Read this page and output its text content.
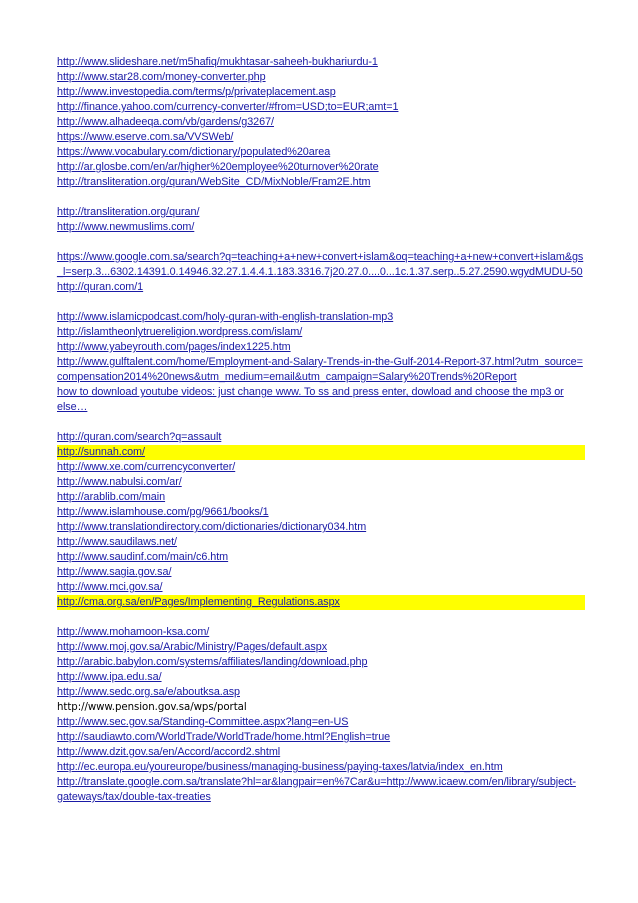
http://www.slideshare.net/m5hafiq/mukhtasar-saheeh-bukhariurdu-1
http://www.star28.com/money-converter.php
http://www.investopedia.com/terms/p/privateplacement.asp
http://finance.yahoo.com/currency-converter/#from=USD;to=EUR;amt=1
http://www.alhadeeqa.com/vb/gardens/g3267/
https://www.eserve.com.sa/VVSWeb/
https://www.vocabulary.com/dictionary/populated%20area
http://ar.glosbe.com/en/ar/higher%20employee%20turnover%20rate
http://transliteration.org/quran/WebSite_CD/MixNoble/Fram2E.htm
http://transliteration.org/quran/
http://www.newmuslims.com/
https://www.google.com.sa/search?q=teaching+a+new+convert+islam&oq=teaching+a+new+convert+islam&gs_l=serp.3...6302.14391.0.14946.32.27.1.4.4.1.183.3316.7j20.27.0....0...1c.1.37.serp..5.27.2590.wgydMUDU-50
http://quran.com/1
http://www.islamicpodcast.com/holy-quran-with-english-translation-mp3
http://islamtheonlytruereligion.wordpress.com/islam/
http://www.yabeyrouth.com/pages/index1225.htm
http://www.gulftalent.com/home/Employment-and-Salary-Trends-in-the-Gulf-2014-Report-37.html?utm_source=compensation2014%20news&utm_medium=email&utm_campaign=Salary%20Trends%20Report
how to download youtube videos: just change www. To ss and press enter, dowload and choose the mp3 or else…
http://quran.com/search?q=assault
http://sunnah.com/
http://www.xe.com/currencyconverter/
http://www.nabulsi.com/ar/
http://arablib.com/main
http://www.islamhouse.com/pg/9661/books/1
http://www.translationdirectory.com/dictionaries/dictionary034.htm
http://www.saudilaws.net/
http://www.saudinf.com/main/c6.htm
http://www.sagia.gov.sa/
http://www.mci.gov.sa/
http://cma.org.sa/en/Pages/Implementing_Regulations.aspx
http://www.mohamoon-ksa.com/
http://www.moj.gov.sa/Arabic/Ministry/Pages/default.aspx
http://arabic.babylon.com/systems/affiliates/landing/download.php
http://www.ipa.edu.sa/
http://www.sedc.org.sa/e/aboutksa.asp
http://www.pension.gov.sa/wps/portal
http://www.sec.gov.sa/Standing-Committee.aspx?lang=en-US
http://saudiawto.com/WorldTrade/WorldTrade/home.html?English=true
http://www.dzit.gov.sa/en/Accord/accord2.shtml
http://ec.europa.eu/youreurope/business/managing-business/paying-taxes/latvia/index_en.htm
http://translate.google.com.sa/translate?hl=ar&langpair=en%7Car&u=http://www.icaew.com/en/library/subject-gateways/tax/double-tax-treaties
